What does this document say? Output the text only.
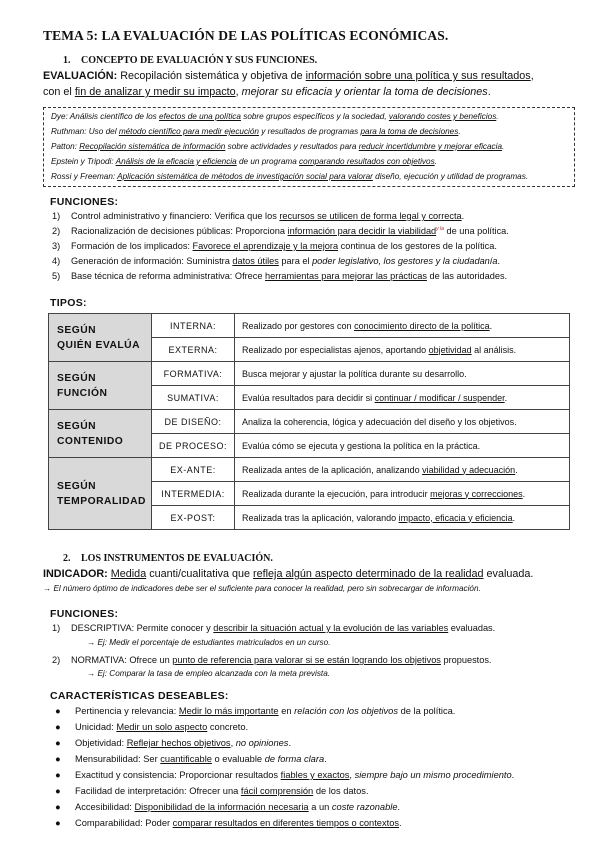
TEMA 5: LA EVALUACIÓN DE LAS POLÍTICAS ECONÓMICAS.
1. CONCEPTO DE EVALUACIÓN Y SUS FUNCIONES.
EVALUACIÓN: Recopilación sistemática y objetiva de información sobre una política y sus resultados,
con el fin de analizar y medir su impacto, mejorar su eficacia y orientar la toma de decisiones.
Dye: Análisis científico de los efectos de una política sobre grupos específicos y la sociedad, valorando costes y beneficios.
Ruthman: Uso del método científico para medir ejecución y resultados de programas para la toma de decisiones.
Patton: Recopilación sistemática de información sobre actividades y resultados para reducir incertidumbre y mejorar eficacia.
Epstein y Tripodi: Análisis de la eficacia y eficiencia de un programa comparando resultados con objetivos.
Rossi y Freeman: Aplicación sistemática de métodos de investigación social para valorar diseño, ejecución y utilidad de programas.
FUNCIONES:
1) Control administrativo y financiero: Verifica que los recursos se utilicen de forma legal y correcta.
2) Racionalización de decisiones públicas: Proporciona información para decidir la viabilidad$^{y la}$ de una política.
3) Formación de los implicados: Favorece el aprendizaje y la mejora continua de los gestores de la política.
4) Generación de información: Suministra datos útiles para el poder legislativo, los gestores y la ciudadanía.
5) Base técnica de reforma administrativa: Ofrece herramientas para mejorar las prácticas de las autoridades.
TIPOS:
SEGÚN
QUIÉN EVALÚA	INTERNA:	Realizado por gestores con conocimiento directo de la política.
	EXTERNA:	Realizado por especialistas ajenos, aportando objetividad al análisis.
SEGÚN
FUNCIÓN	FORMATIVA:	Busca mejorar y ajustar la política durante su desarrollo.
	SUMATIVA:	Evalúa resultados para decidir si continuar / modificar / suspender.
SEGÚN
CONTENIDO	DE DISEÑO:	Analiza la coherencia, lógica y adecuación del diseño y los objetivos.
	DE PROCESO:	Evalúa cómo se ejecuta y gestiona la política en la práctica.
SEGÚN
TEMPORALIDAD	EX-ANTE:	Realizada antes de la aplicación, analizando viabilidad y adecuación.
	INTERMEDIA:	Realizada durante la ejecución, para introducir mejoras y correcciones.
	EX-POST:	Realizada tras la aplicación, valorando impacto, eficacia y eficiencia.
2. LOS INSTRUMENTOS DE EVALUACIÓN.
INDICADOR: Medida cuanti/cualitativa que refleja algún aspecto determinado de la realidad evaluada.
→ El número óptimo de indicadores debe ser el suficiente para conocer la realidad, pero sin sobrecargar de información.
FUNCIONES:
1) DESCRIPTIVA: Permite conocer y describir la situación actual y la evolución de las variables evaluadas.
→ Ej: Medir el porcentaje de estudiantes matriculados en un curso.
2) NORMATIVA: Ofrece un punto de referencia para valorar si se están logrando los objetivos propuestos.
→ Ej: Comparar la tasa de empleo alcanzada con la meta prevista.
CARACTERÍSTICAS DESEABLES:
● Pertinencia y relevancia: Medir lo más importante en relación con los objetivos de la política.
● Unicidad: Medir un solo aspecto concreto.
● Objetividad: Reflejar hechos objetivos, no opiniones.
● Mensurabilidad: Ser cuantificable o evaluable de forma clara.
● Exactitud y consistencia: Proporcionar resultados fiables y exactos, siempre bajo un mismo procedimiento.
● Facilidad de interpretación: Ofrecer una fácil comprensión de los datos.
● Accesibilidad: Disponibilidad de la información necesaria a un coste razonable.
● Comparabilidad: Poder comparar resultados en diferentes tiempos o contextos.
